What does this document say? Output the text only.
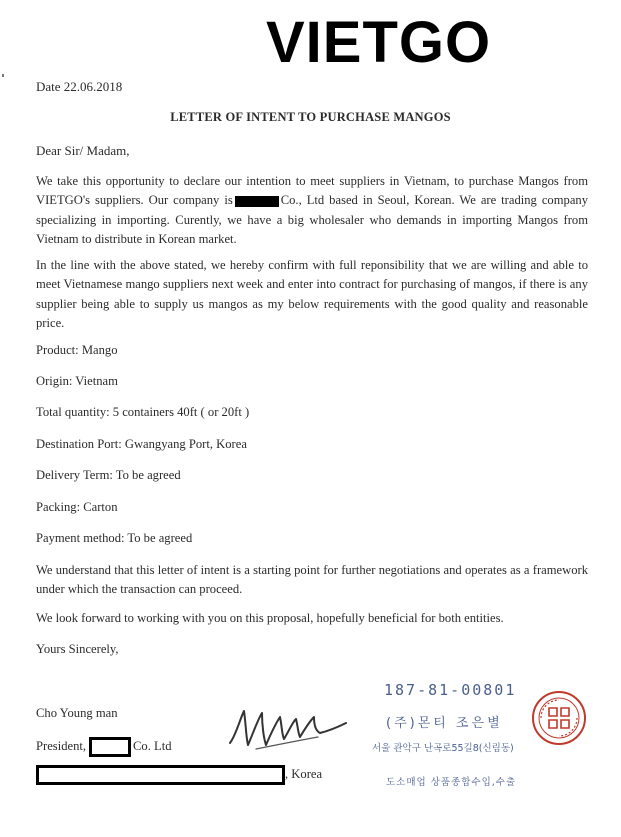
VIETGO
Date 22.06.2018
LETTER OF INTENT TO PURCHASE MANGOS
Dear Sir/ Madam,
We take this opportunity to declare our intention to meet suppliers in Vietnam, to purchase Mangos from VIETGO's suppliers. Our company is	Co., Ltd based in Seoul, Korean. We are trading company specializing in importing. Curently, we have a big wholesaler who demands in importing Mangos from Vietnam to distribute in Korean market.
In the line with the above stated, we hereby confirm with full reponsibility that we are willing and able to meet Vietnamese mango suppliers next week and enter into contract for purchasing of mangos, if there is any supplier being able to supply us mangos as my below requirements with the good quality and reasonable price.
Product: Mango
Origin: Vietnam
Total quantity: 5 containers 40ft ( or 20ft )
Destination Port: Gwangyang Port, Korea
Delivery Term: To be agreed
Packing: Carton
Payment method: To be agreed
We understand that this letter of intent is a starting point for further negotiations and operates as a framework under which the transaction can proceed.
We look forward to working with you on this proposal, hopefully beneficial for both entities.
Yours Sincerely,
Cho Young man
President,	Co. Ltd
, Korea
187-81-00801
(주)몬티 조은별
서울 관악구 난곡로55길8(신림동)
도소매업 상품종합수입,수출
